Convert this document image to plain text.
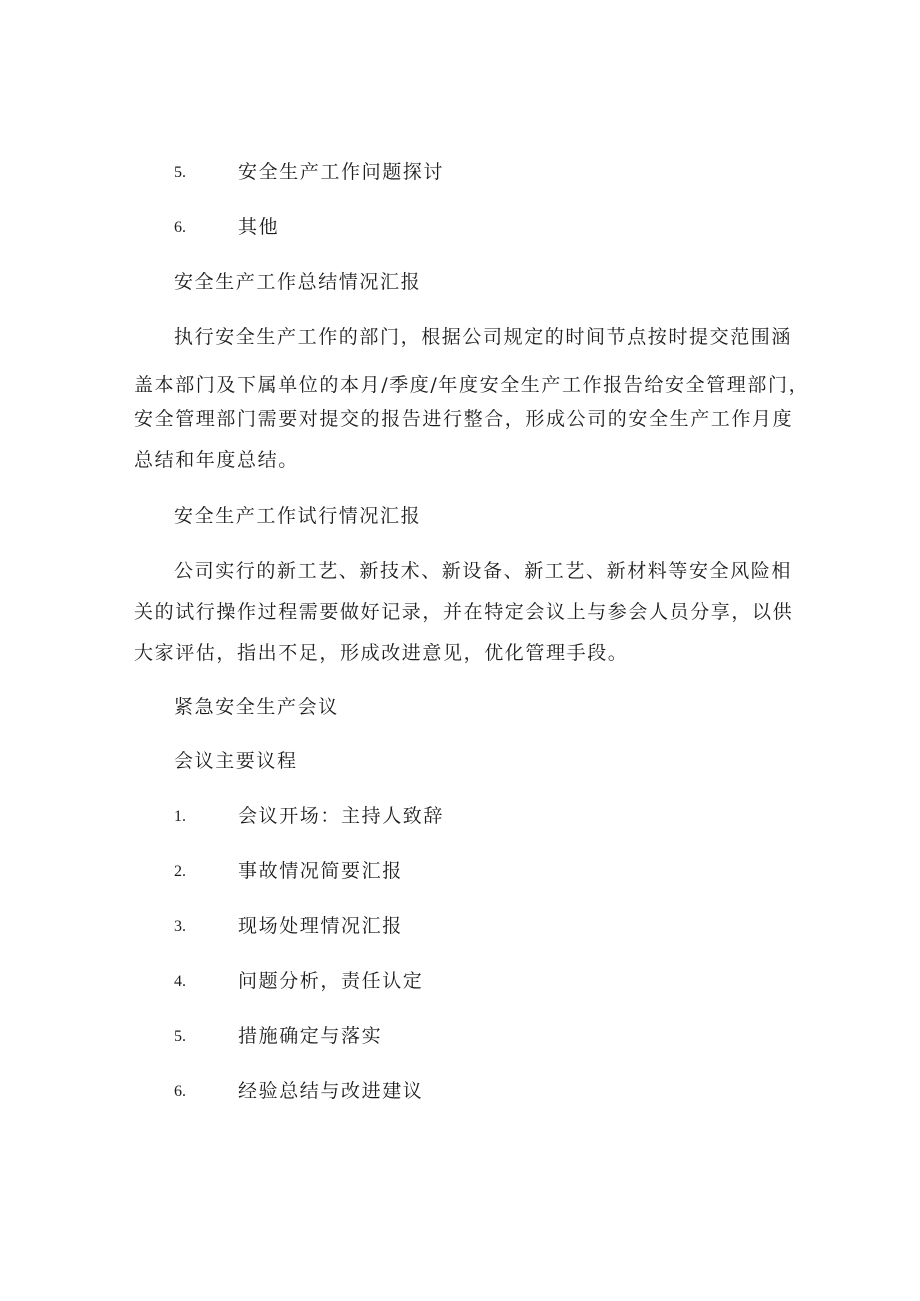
5.	安全生产工作问题探讨
6.	其他
安全生产工作总结情况汇报
执行安全生产工作的部门，根据公司规定的时间节点按时提交范围涵
盖本部门及下属单位的本月/季度/年度安全生产工作报告给安全管理部门，
安全管理部门需要对提交的报告进行整合，形成公司的安全生产工作月度
总结和年度总结。
安全生产工作试行情况汇报
公司实行的新工艺、新技术、新设备、新工艺、新材料等安全风险相
关的试行操作过程需要做好记录，并在特定会议上与参会人员分享，以供
大家评估，指出不足，形成改进意见，优化管理手段。
紧急安全生产会议
会议主要议程
1.	会议开场：主持人致辞
2.	事故情况简要汇报
3.	现场处理情况汇报
4.	问题分析，责任认定
5.	措施确定与落实
6.	经验总结与改进建议
